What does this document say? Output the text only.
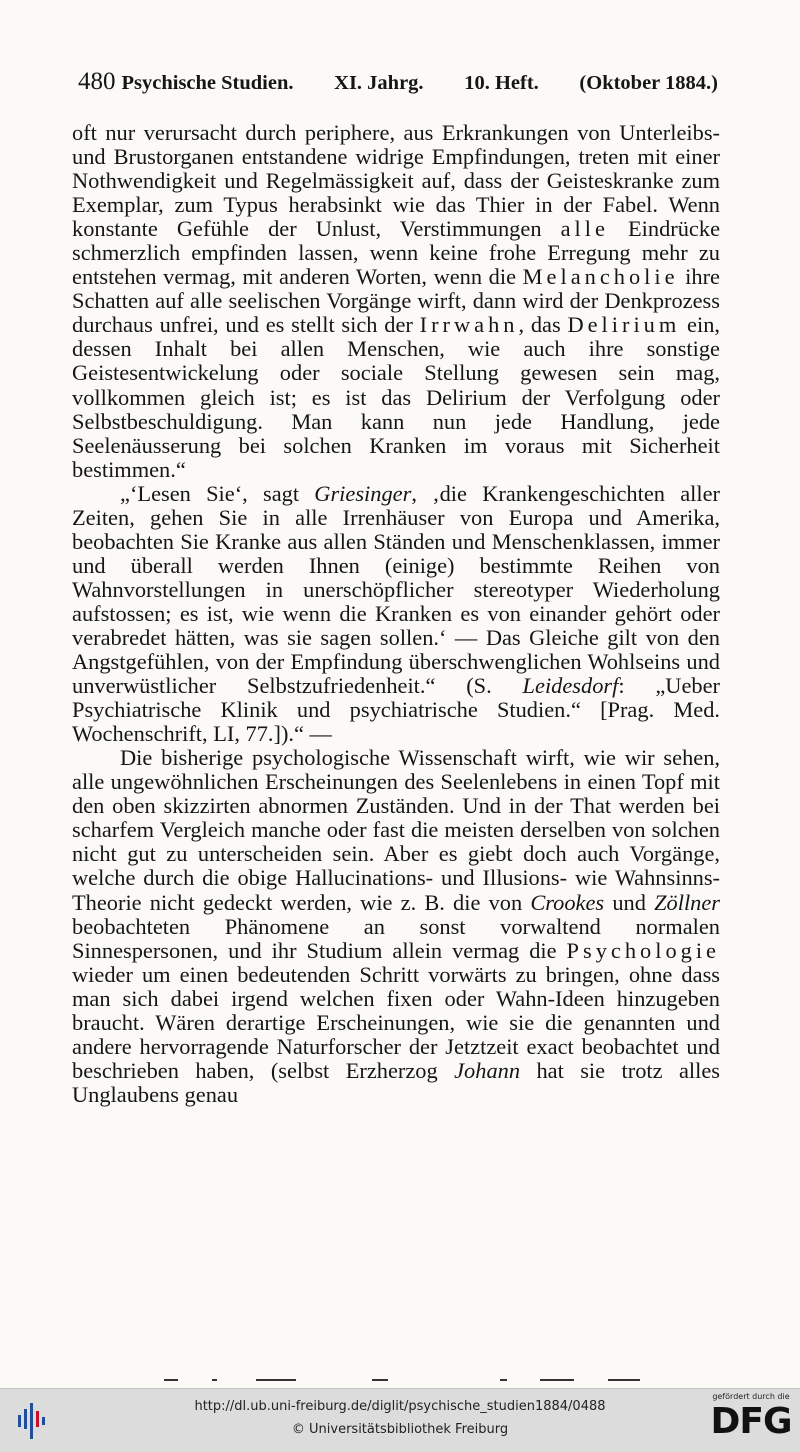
480 Psychische Studien. XI. Jahrg. 10. Heft. (Oktober 1884.)

oft nur verursacht durch periphere, aus Erkrankungen von Unterleibs- und Brustorganen entstandene widrige Empfindungen, treten mit einer Nothwendigkeit und Regelmässigkeit auf, dass der Geisteskranke zum Exemplar, zum Typus herabsinkt wie das Thier in der Fabel. Wenn konstante Gefühle der Unlust, Verstimmungen alle Eindrücke schmerzlich empfinden lassen, wenn keine frohe Erregung mehr zu entstehen vermag, mit anderen Worten, wenn die Melancholie ihre Schatten auf alle seelischen Vorgänge wirft, dann wird der Denkprozess durchaus unfrei, und es stellt sich der Irrwahn, das Delirium ein, dessen Inhalt bei allen Menschen, wie auch ihre sonstige Geistesentwickelung oder sociale Stellung gewesen sein mag, vollkommen gleich ist; es ist das Delirium der Verfolgung oder Selbstbeschuldigung. Man kann nun jede Handlung, jede Seelenäusserung bei solchen Kranken im voraus mit Sicherheit bestimmen.“

„‘Lesen Sie‘, sagt Griesinger, ‚die Krankengeschichten aller Zeiten, gehen Sie in alle Irrenhäuser von Europa und Amerika, beobachten Sie Kranke aus allen Ständen und Menschenklassen, immer und überall werden Ihnen (einige) bestimmte Reihen von Wahnvorstellungen in unerschöpflicher stereotyper Wiederholung aufstossen; es ist, wie wenn die Kranken es von einander gehört oder verabredet hätten, was sie sagen sollen.‘ — Das Gleiche gilt von den Angstgefühlen, von der Empfindung überschwenglichen Wohlseins und unverwüstlicher Selbstzufriedenheit.“ (S. Leidesdorf: „Ueber Psychiatrische Klinik und psychiatrische Studien.“ [Prag. Med. Wochenschrift, LI, 77.]).“ —

Die bisherige psychologische Wissenschaft wirft, wie wir sehen, alle ungewöhnlichen Erscheinungen des Seelenlebens in einen Topf mit den oben skizzirten abnormen Zuständen. Und in der That werden bei scharfem Vergleich manche oder fast die meisten derselben von solchen nicht gut zu unterscheiden sein. Aber es giebt doch auch Vorgänge, welche durch die obige Hallucinations- und Illusions- wie Wahnsinns-Theorie nicht gedeckt werden, wie z. B. die von Crookes und Zöllner beobachteten Phänomene an sonst vorwaltend normalen Sinnespersonen, und ihr Studium allein vermag die Psychologie wieder um einen bedeutenden Schritt vorwärts zu bringen, ohne dass man sich dabei irgend welchen fixen oder Wahn-Ideen hinzugeben braucht. Wären derartige Erscheinungen, wie sie die genannten und andere hervorragende Naturforscher der Jetztzeit exact beobachtet und beschrieben haben, (selbst Erzherzog Johann hat sie trotz alles Unglaubens genau

http://dl.ub.uni-freiburg.de/diglit/psychische_studien1884/0488
© Universitätsbibliothek Freiburg
gefördert durch die
DFG
